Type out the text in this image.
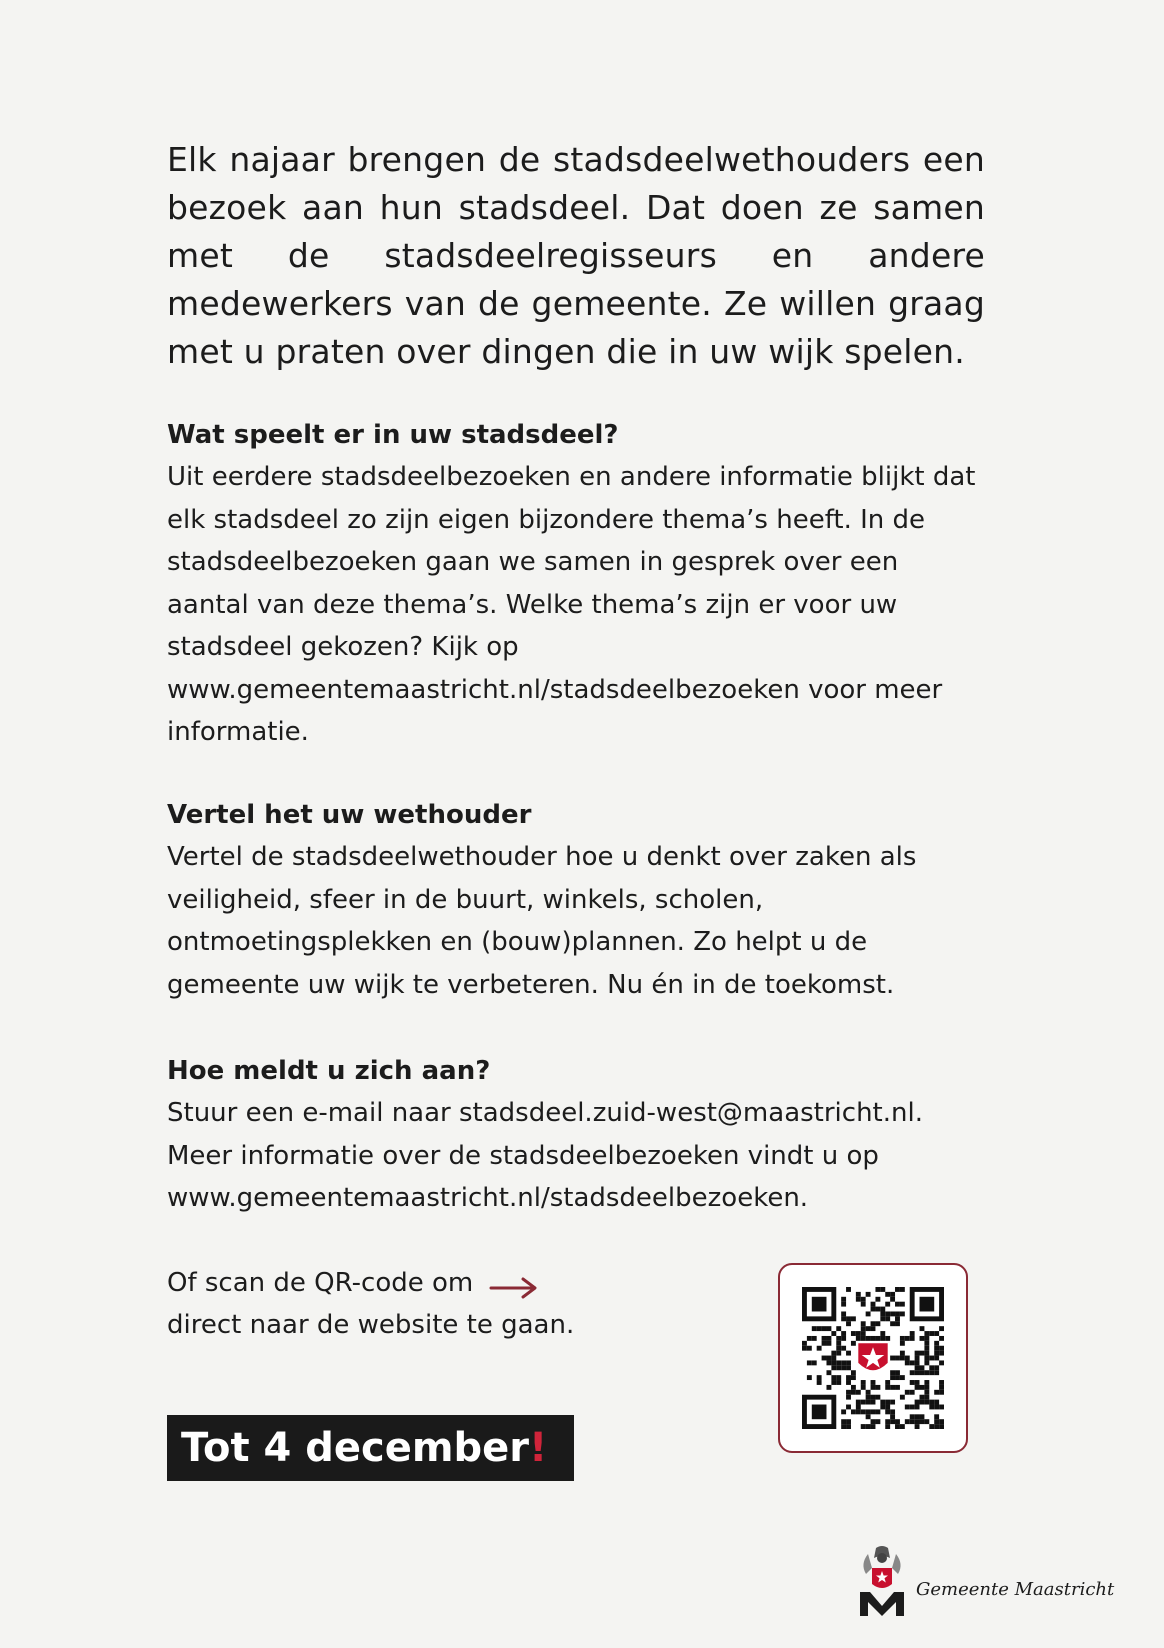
Elk najaar brengen de stadsdeelwethouders een bezoek aan hun stadsdeel. Dat doen ze samen met de stadsdeelregisseurs en andere medewerkers van de gemeente. Ze willen graag met u praten over dingen die in uw wijk spelen.

Wat speelt er in uw stadsdeel?

Uit eerdere stadsdeelbezoeken en andere informatie blijkt dat elk stadsdeel zo zijn eigen bijzondere thema’s heeft. In de stadsdeelbezoeken gaan we samen in gesprek over een aantal van deze thema’s. Welke thema’s zijn er voor uw stadsdeel gekozen? Kijk op www.gemeentemaastricht.nl/stadsdeelbezoeken voor meer informatie.

Vertel het uw wethouder

Vertel de stadsdeelwethouder hoe u denkt over zaken als veiligheid, sfeer in de buurt, winkels, scholen, ontmoetingsplekken en (bouw)plannen. Zo helpt u de gemeente uw wijk te verbeteren. Nu én in de toekomst.

Hoe meldt u zich aan?

Stuur een e-mail naar stadsdeel.zuid-west@maastricht.nl.

Meer informatie over de stadsdeelbezoeken vindt u op

www.gemeentemaastricht.nl/stadsdeelbezoeken.

Of scan de QR-code om
direct naar de website te gaan.
Tot 4 december!
Gemeente Maastricht
